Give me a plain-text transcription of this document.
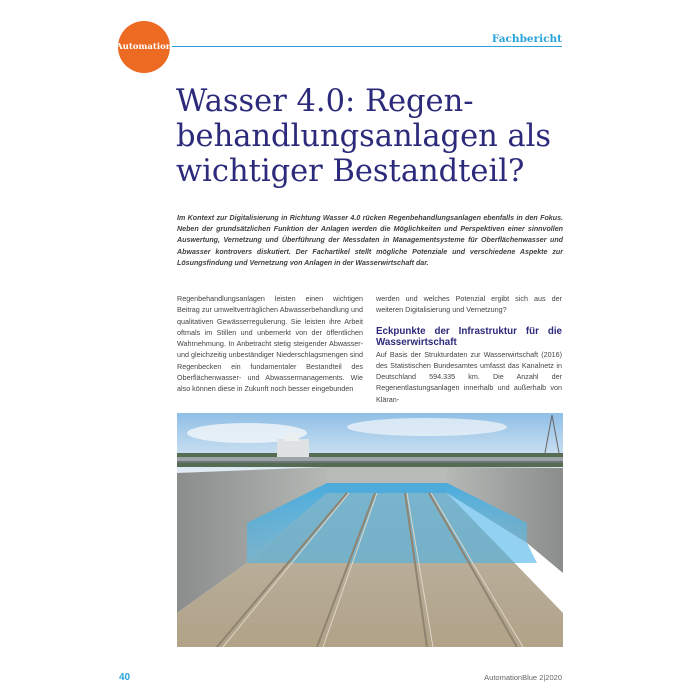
Automation
Fachbericht
Wasser 4.0: Regenbehandlungsanlagen als wichtiger Bestandteil?

Im Kontext zur Digitalisierung in Richtung Wasser 4.0 rücken Regenbehandlungsanlagen ebenfalls in den Fokus. Neben der grundsätzlichen Funktion der Anlagen werden die Möglichkeiten und Perspektiven einer sinnvollen Auswertung, Vernetzung und Überführung der Messdaten in Managementsysteme für Oberflächenwasser und Abwasser kontrovers diskutiert. Der Fachartikel stellt mögliche Potenziale und verschiedene Aspekte zur Lösungsfindung und Vernetzung von Anlagen in der Wasserwirtschaft dar.

Regenbehandlungsanlagen leisten einen wichtigen Beitrag zur umweltverträglichen Abwasserbehandlung und qualitativen Gewässerregulierung. Sie leisten ihre Arbeit oftmals im Stillen und unbemerkt von der öffentlichen Wahrnehmung. In Anbetracht stetig steigender Abwasser- und gleichzeitig unbeständiger Niederschlagsmengen sind Regenbecken ein fundamentaler Bestandteil des Oberflächenwasser- und Abwassermanagements. Wie also können diese in Zukunft noch besser eingebunden

werden und welches Potenzial ergibt sich aus der weiteren Digitalisierung und Vernetzung?

Eckpunkte der Infrastruktur für die Wasserwirtschaft

Auf Basis der Strukturdaten zur Wasserwirtschaft (2016) des Statistischen Bundesamtes umfasst das Kanalnetz in Deutschland 594.335 km. Die Anzahl der Regenentlastungsanlagen innerhalb und außerhalb von Kläran-

40	AutomationBlue 2|2020
